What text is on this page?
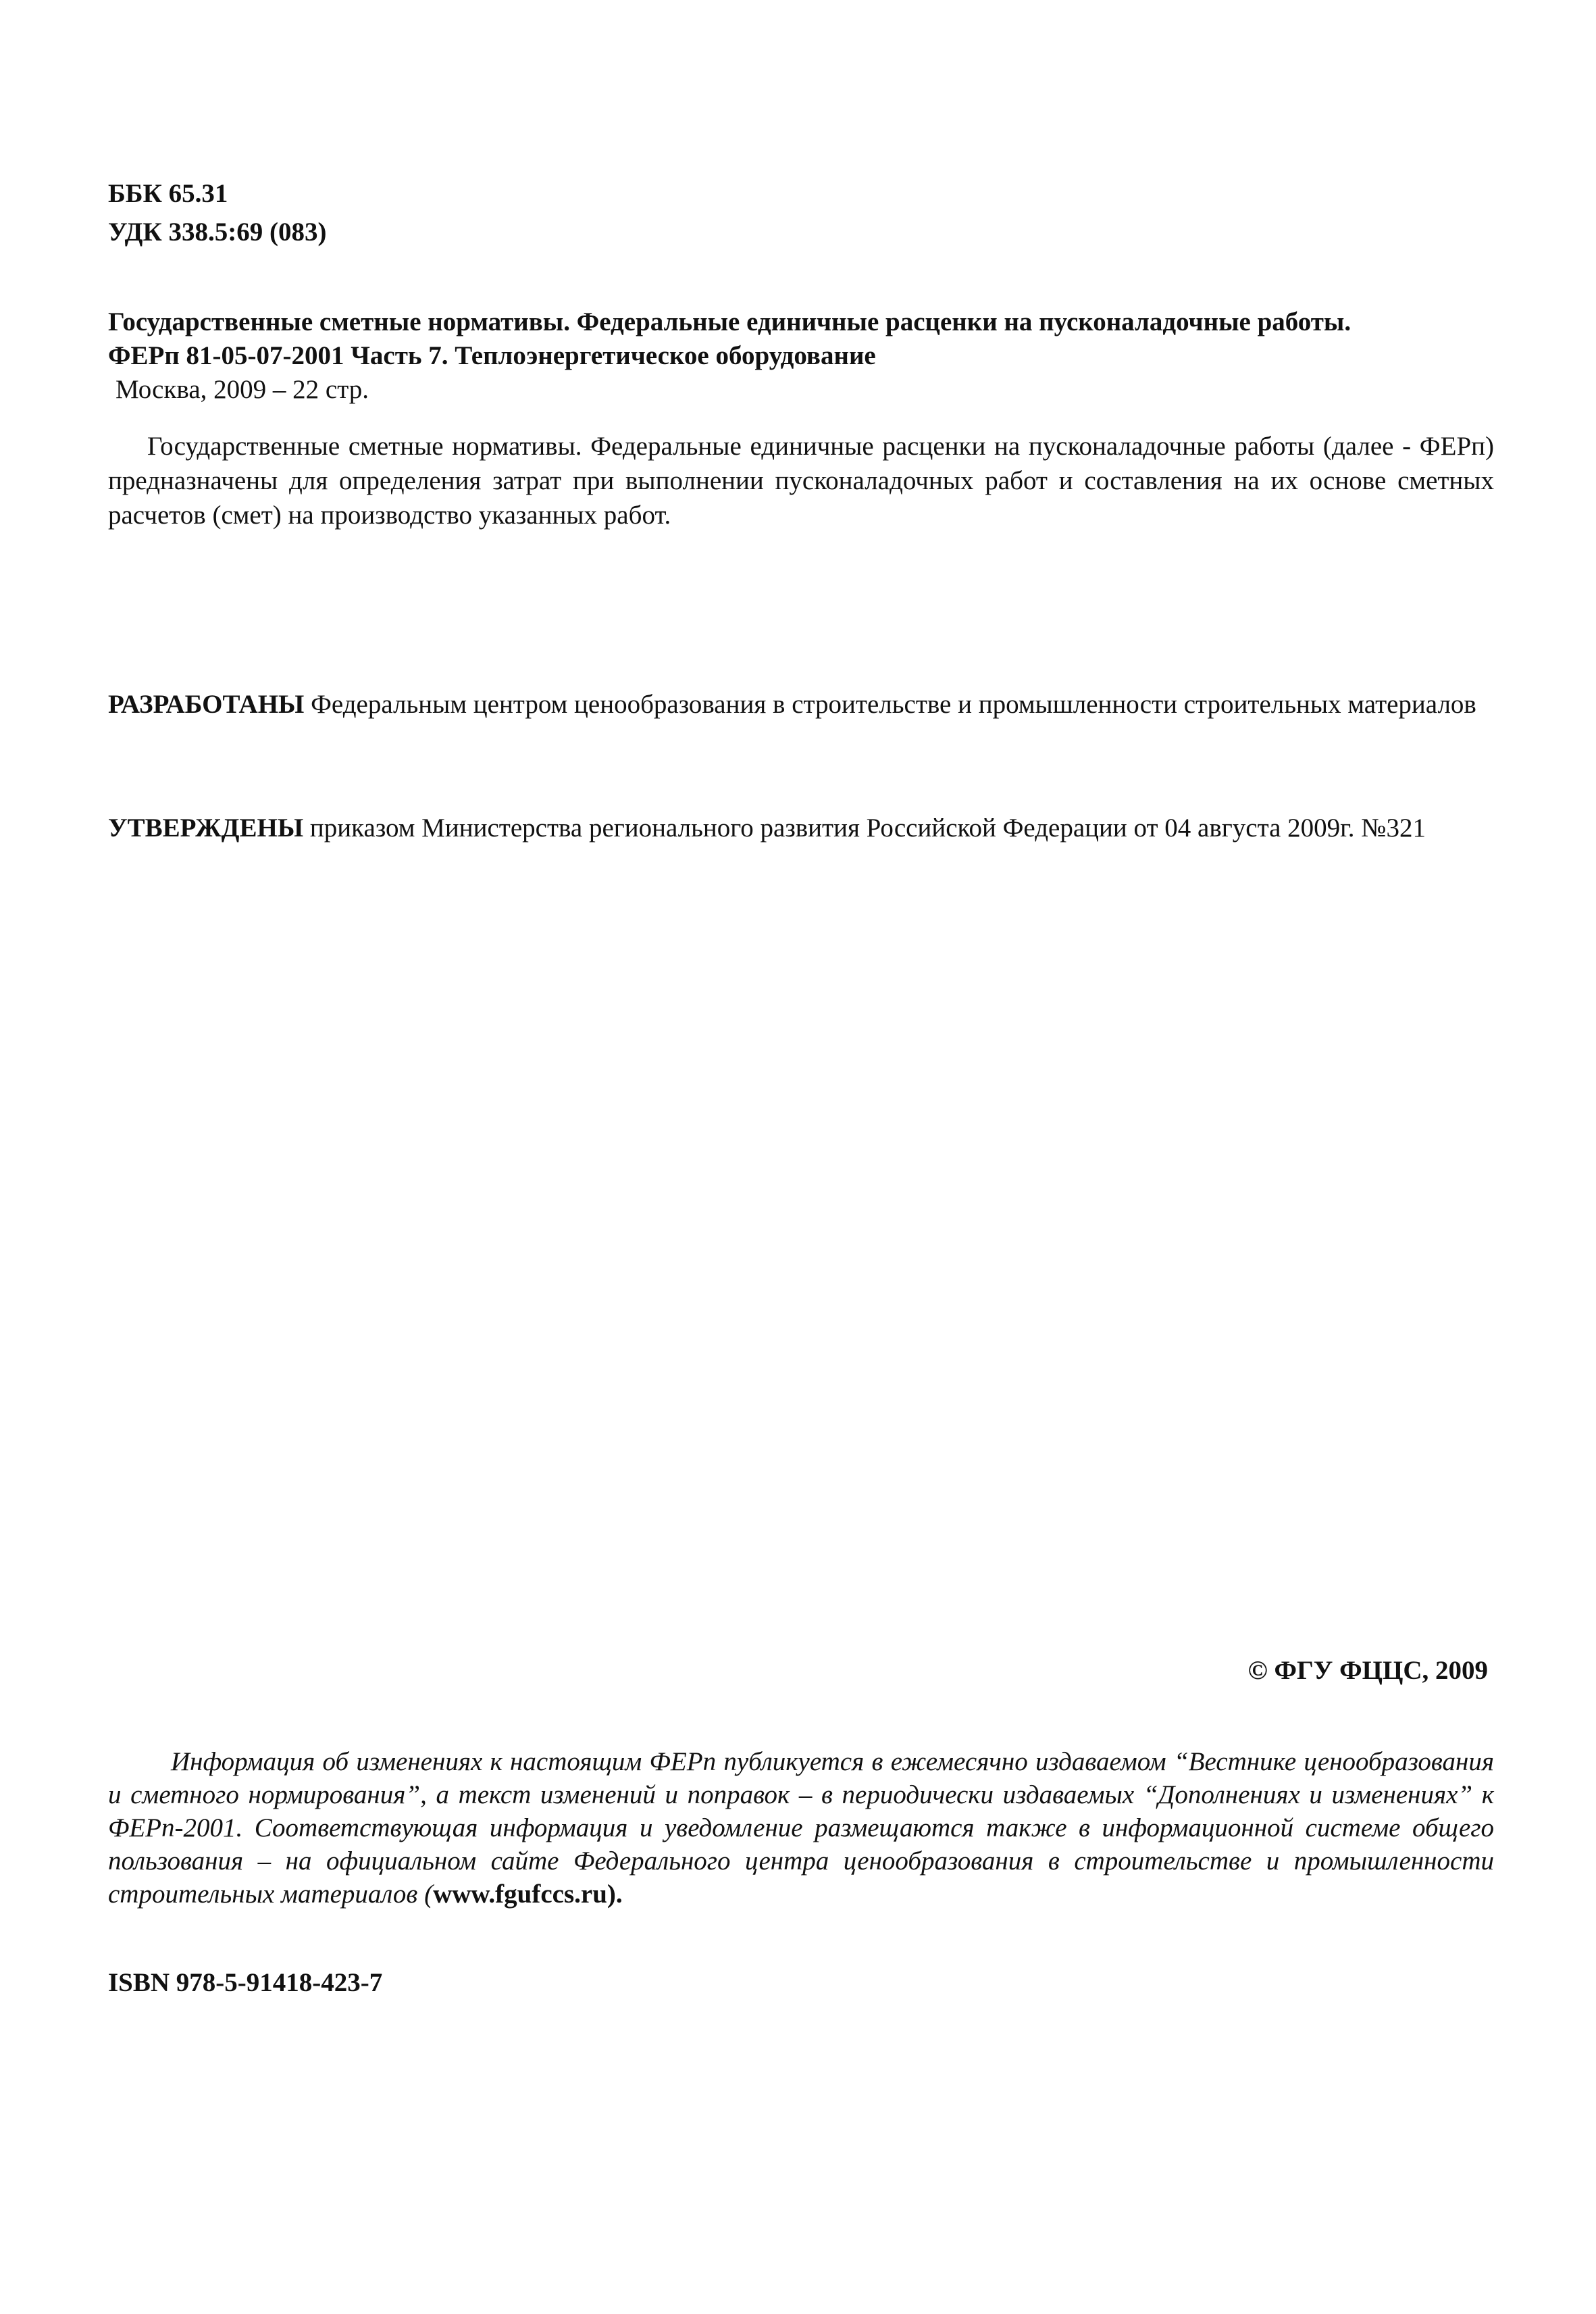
ББК 65.31
УДК 338.5:69 (083)
Государственные сметные нормативы. Федеральные единичные расценки на пусконаладочные работы.
ФЕРп 81-05-07-2001 Часть 7. Теплоэнергетическое оборудование
Москва, 2009 – 22 стр.
Государственные сметные нормативы. Федеральные единичные расценки на пусконаладочные работы (далее - ФЕРп) предназначены для определения затрат при выполнении пусконаладочных работ и составления на их основе сметных расчетов (смет) на производство указанных работ.
РАЗРАБОТАНЫ Федеральным центром ценообразования в строительстве и промышленности строительных материалов
УТВЕРЖДЕНЫ приказом Министерства регионального развития Российской Федерации от 04 августа 2009г. №321
© ФГУ ФЦЦС, 2009
Информация об изменениях к настоящим ФЕРп публикуется в ежемесячно издаваемом “Вестнике ценообразования и сметного нормирования”, а текст изменений и поправок – в периодически издаваемых “Дополнениях и изменениях” к ФЕРп-2001. Соответствующая информация и уведомление размещаются также в информационной системе общего пользования – на официальном сайте Федерального центра ценообразования в строительстве и промышленности строительных материалов (www.fgufccs.ru).
ISBN 978-5-91418-423-7
